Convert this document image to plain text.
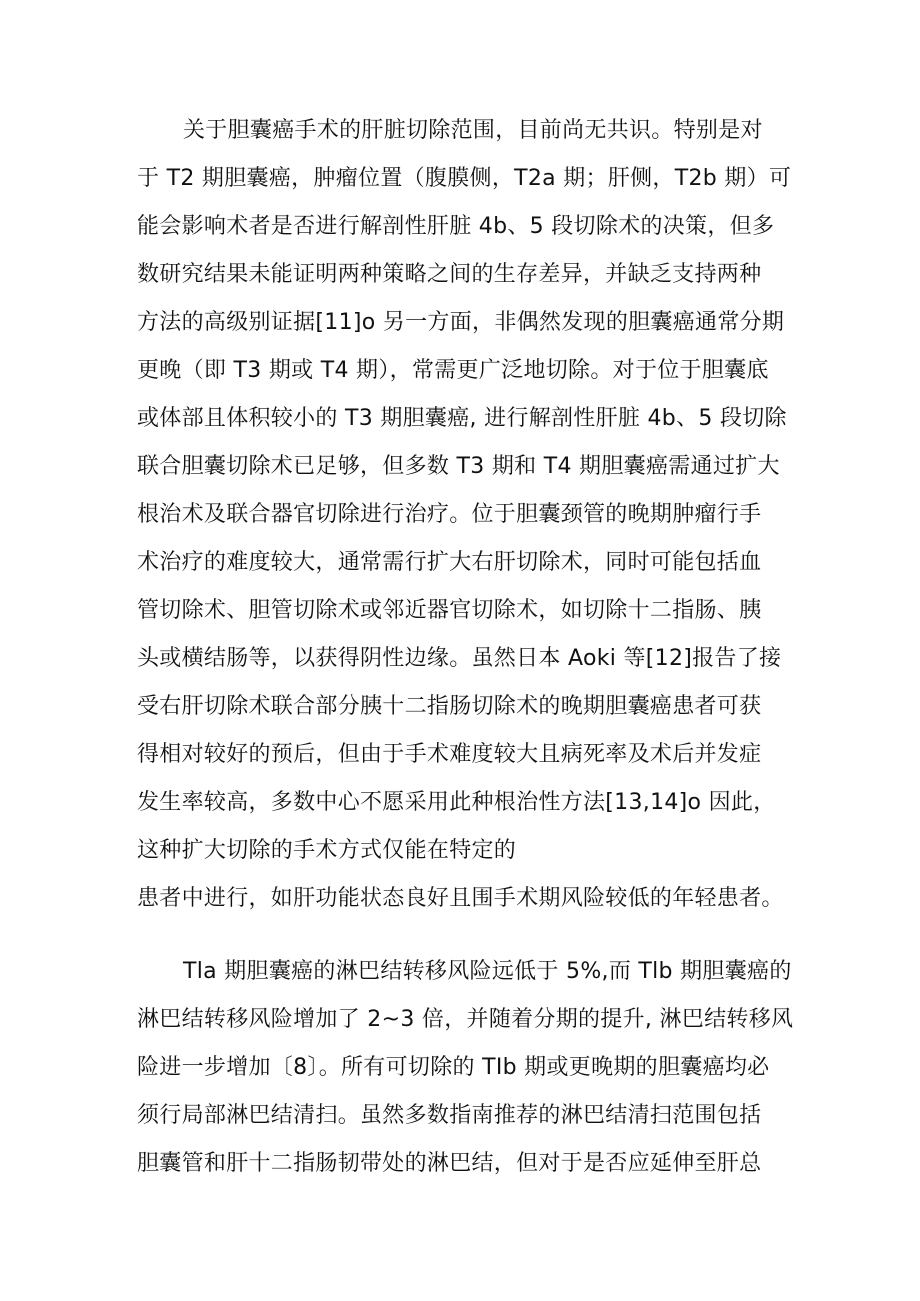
关于胆囊癌手术的肝脏切除范围，目前尚无共识。特别是对
于 T2 期胆囊癌，肿瘤位置（腹膜侧，T2a 期；肝侧，T2b 期）可
能会影响术者是否进行解剖性肝脏 4b、5 段切除术的决策，但多
数研究结果未能证明两种策略之间的生存差异，并缺乏支持两种
方法的高级别证据[11]o 另一方面，非偶然发现的胆囊癌通常分期
更晚（即 T3 期或 T4 期），常需更广泛地切除。对于位于胆囊底
或体部且体积较小的 T3 期胆囊癌, 进行解剖性肝脏 4b、5 段切除
联合胆囊切除术已足够，但多数 T3 期和 T4 期胆囊癌需通过扩大
根治术及联合器官切除进行治疗。位于胆囊颈管的晚期肿瘤行手
术治疗的难度较大，通常需行扩大右肝切除术，同时可能包括血
管切除术、胆管切除术或邻近器官切除术，如切除十二指肠、胰
头或横结肠等，以获得阴性边缘。虽然日本 Aoki 等[12]报告了接
受右肝切除术联合部分胰十二指肠切除术的晚期胆囊癌患者可获
得相对较好的预后，但由于手术难度较大且病死率及术后并发症
发生率较高，多数中心不愿采用此种根治性方法[13,14]o 因此，
这种扩大切除的手术方式仅能在特定的
患者中进行，如肝功能状态良好且围手术期风险较低的年轻患者。
Tla 期胆囊癌的淋巴结转移风险远低于 5%,而 Tlb 期胆囊癌的
淋巴结转移风险增加了 2~3 倍，并随着分期的提升, 淋巴结转移风
险进一步增加〔8〕。所有可切除的 TIb 期或更晚期的胆囊癌均必
须行局部淋巴结清扫。虽然多数指南推荐的淋巴结清扫范围包括
胆囊管和肝十二指肠韧带处的淋巴结，但对于是否应延伸至肝总
